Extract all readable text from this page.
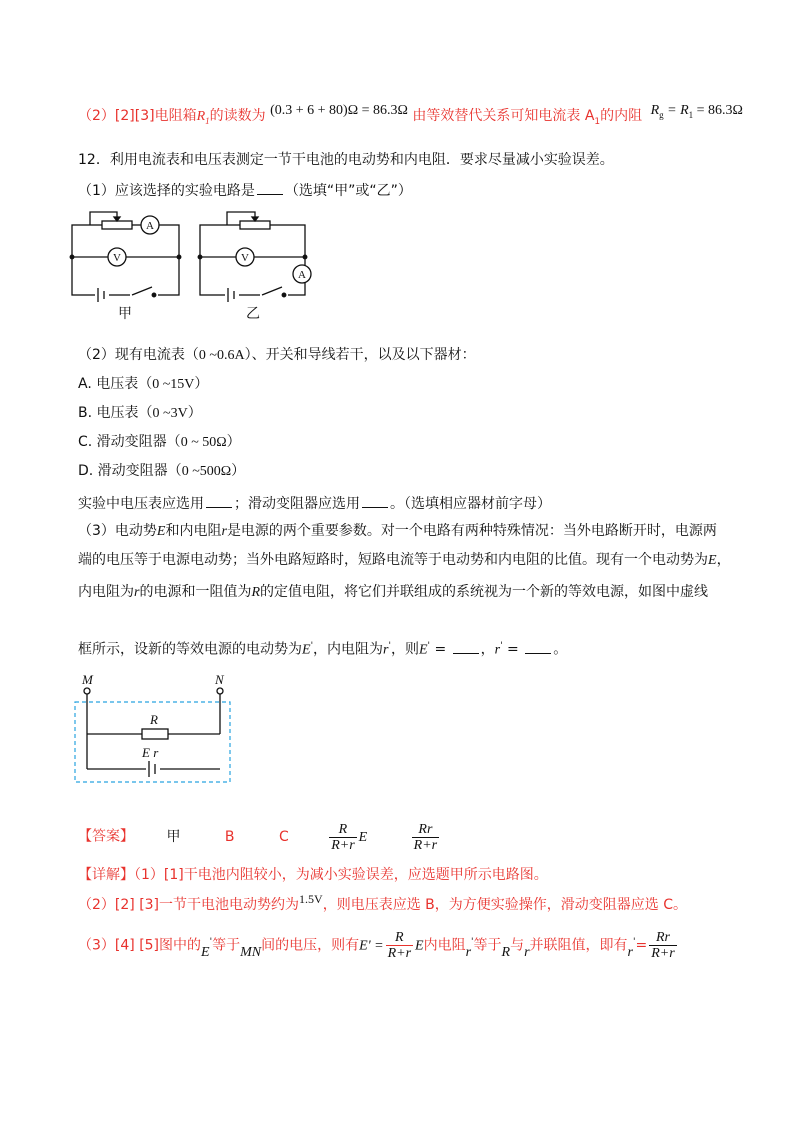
（2）[2][3]电阻箱$R_1$的读数为 (0.3 + 6 + 80)Ω = 86.3Ω 由等效替代关系可知电流表 $A_1$的内阻 $R_g = R_1 = 86.3\Omega$
12．利用电流表和电压表测定一节干电池的电动势和内电阻．要求尽量减小实验误差。
（1）应该选择的实验电路是 （选填“甲”或“乙”）
A
V	V
A
甲	乙
（2）现有电流表（0 ~0.6A）、开关和导线若干，以及以下器材：
A. 电压表（0 ~15V）
B. 电压表（0 ~3V）
C. 滑动变阻器（0 ~ 50Ω）
D. 滑动变阻器（0 ~500Ω）
实验中电压表应选用 ；滑动变阻器应选用 。（选填相应器材前字母）
（3）电动势E和内电阻r是电源的两个重要参数。对一个电路有两种特殊情况：当外电路断开时，电源两
端的电压等于电源电动势；当外电路短路时，短路电流等于电动势和内电阻的比值。现有一个电动势为E，
内电阻为r的电源和一阻值为R的定值电阻，将它们并联组成的系统视为一个新的等效电源，如图中虚线
框所示，设新的等效电源的电动势为E'，内电阻为r'，则E' = ，r' = 。
M	N
R
E r
【答案】 甲	B	C	$\frac{R}{R+r}$ E	$\frac{Rr}{R+r}$
【详解】（1）[1]干电池内阻较小，为减小实验误差，应选题甲所示电路图。
（2）[2] [3]一节干电池电动势约为1.5V，则电压表应选 B，为方便实验操作，滑动变阻器应选 C。
（3）[4] [5]图中的E'等于MN间的电压，则有$E' = \frac{R}{R+r}$ E内电阻r'等于R与r并联阻值，即有$r'= \frac{Rr}{R+r}$
